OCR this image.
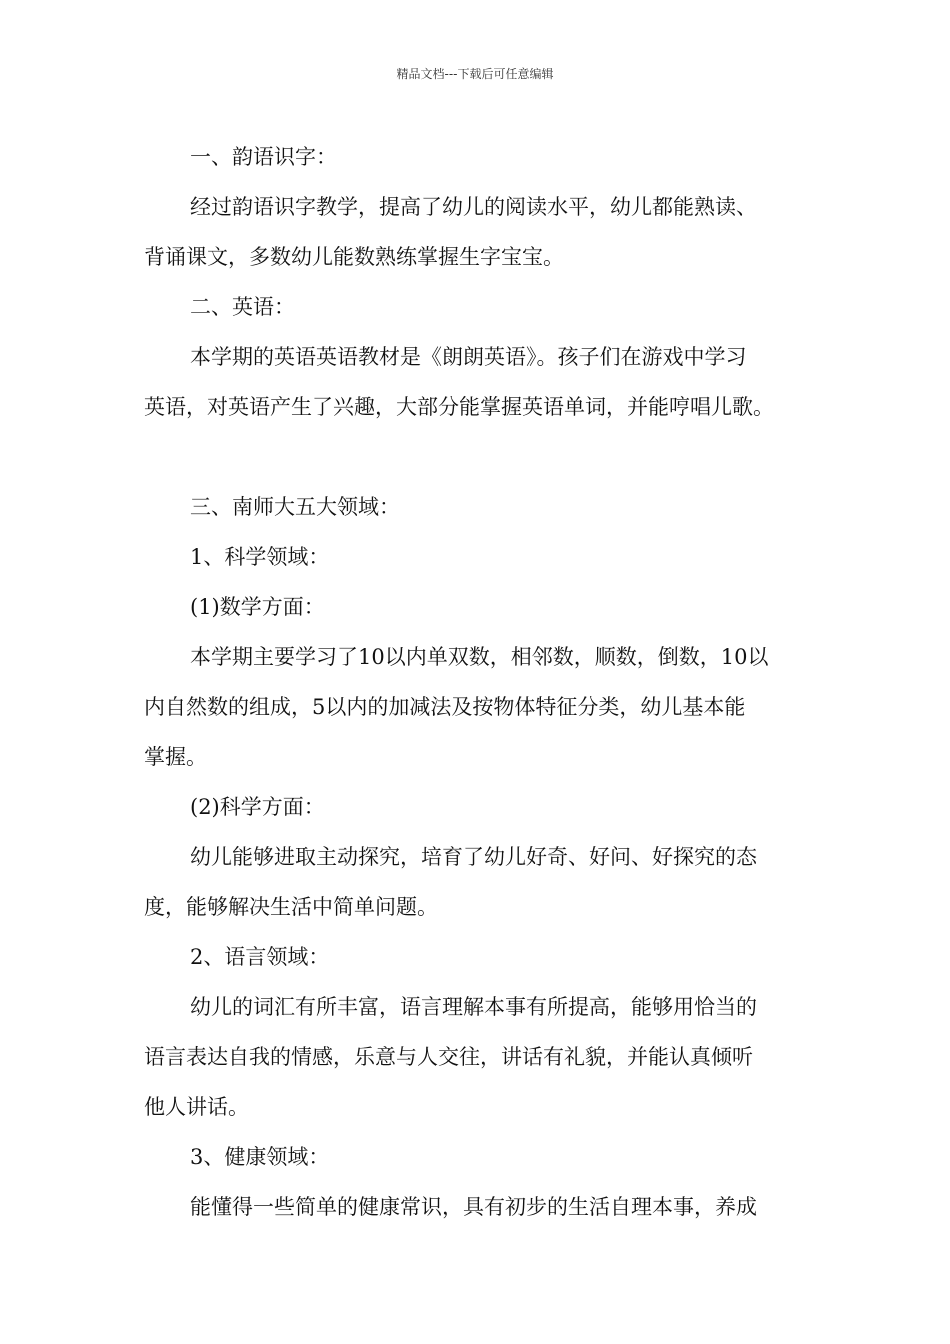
精品文档---下载后可任意编辑

一、韵语识字：

经过韵语识字教学，提高了幼儿的阅读水平，幼儿都能熟读、

背诵课文，多数幼儿能数熟练掌握生字宝宝。

二、英语：

本学期的英语英语教材是《朗朗英语》。孩子们在游戏中学习

英语，对英语产生了兴趣，大部分能掌握英语单词，并能哼唱儿歌。

三、南师大五大领域：

1、科学领域：

(1)数学方面：

本学期主要学习了10以内单双数，相邻数，顺数，倒数，10以

内自然数的组成，5以内的加减法及按物体特征分类，幼儿基本能

掌握。

(2)科学方面：

幼儿能够进取主动探究，培育了幼儿好奇、好问、好探究的态

度，能够解决生活中简单问题。

2、语言领域：

幼儿的词汇有所丰富，语言理解本事有所提高，能够用恰当的

语言表达自我的情感，乐意与人交往，讲话有礼貌，并能认真倾听

他人讲话。

3、健康领域：

能懂得一些简单的健康常识，具有初步的生活自理本事，养成
